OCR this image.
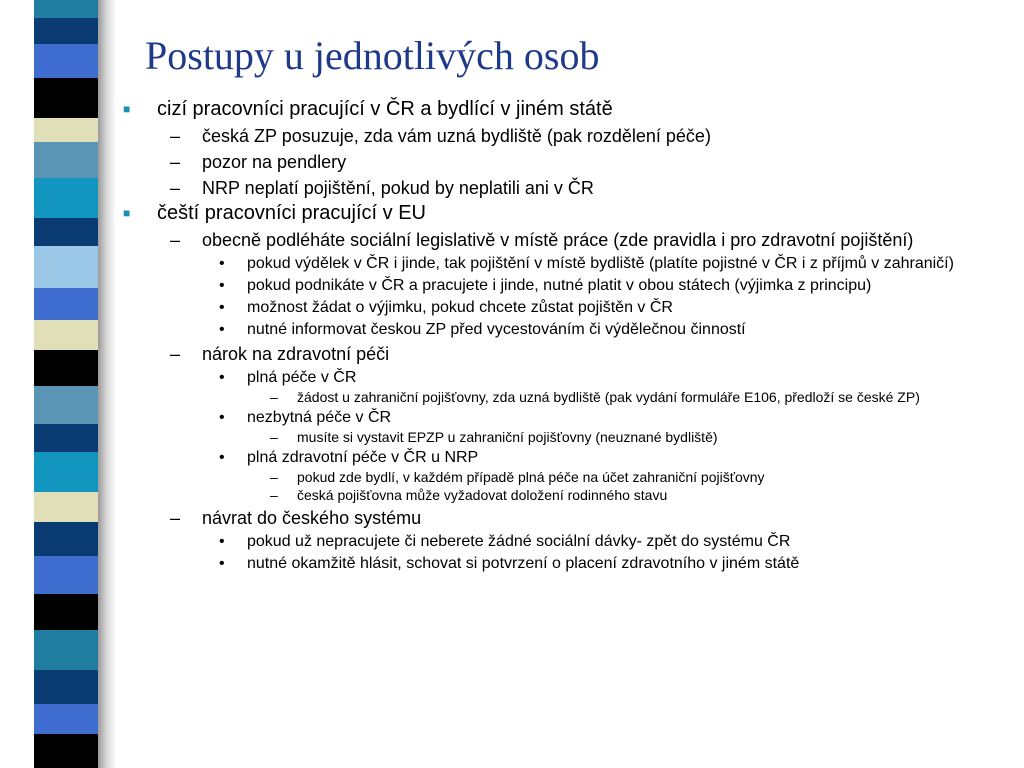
Postupy u jednotlivých osob
■	cizí pracovníci pracující v ČR a bydlící v jiném státě
–	česká ZP posuzuje, zda vám uzná bydliště (pak rozdělení péče)
–	pozor na pendlery
–	NRP neplatí pojištění, pokud by neplatili ani v ČR
■	čeští pracovníci pracující v EU
–	obecně podléháte sociální legislativě v místě práce (zde pravidla i pro zdravotní pojištění)
•	pokud výdělek v ČR i jinde, tak pojištění v místě bydliště (platíte pojistné v ČR i z příjmů v zahraničí)
•	pokud podnikáte v ČR a pracujete i jinde, nutné platit v obou státech (výjimka z principu)
•	možnost žádat o výjimku, pokud chcete zůstat pojištěn v ČR
•	nutné informovat českou ZP před vycestováním či výdělečnou činností
–	nárok na zdravotní péči
•	plná péče v ČR
–	žádost u zahraniční pojišťovny, zda uzná bydliště (pak vydání formuláře E106, předloží se české ZP)
•	nezbytná péče v ČR
–	musíte si vystavit EPZP u zahraniční pojišťovny (neuznané bydliště)
•	plná zdravotní péče v ČR u NRP
–	pokud zde bydlí, v každém případě plná péče na účet zahraniční pojišťovny
–	česká pojišťovna může vyžadovat doložení rodinného stavu
–	návrat do českého systému
•	pokud už nepracujete či neberete žádné sociální dávky- zpět do systému ČR
•	nutné okamžitě hlásit, schovat si potvrzení o placení zdravotního v jiném státě
